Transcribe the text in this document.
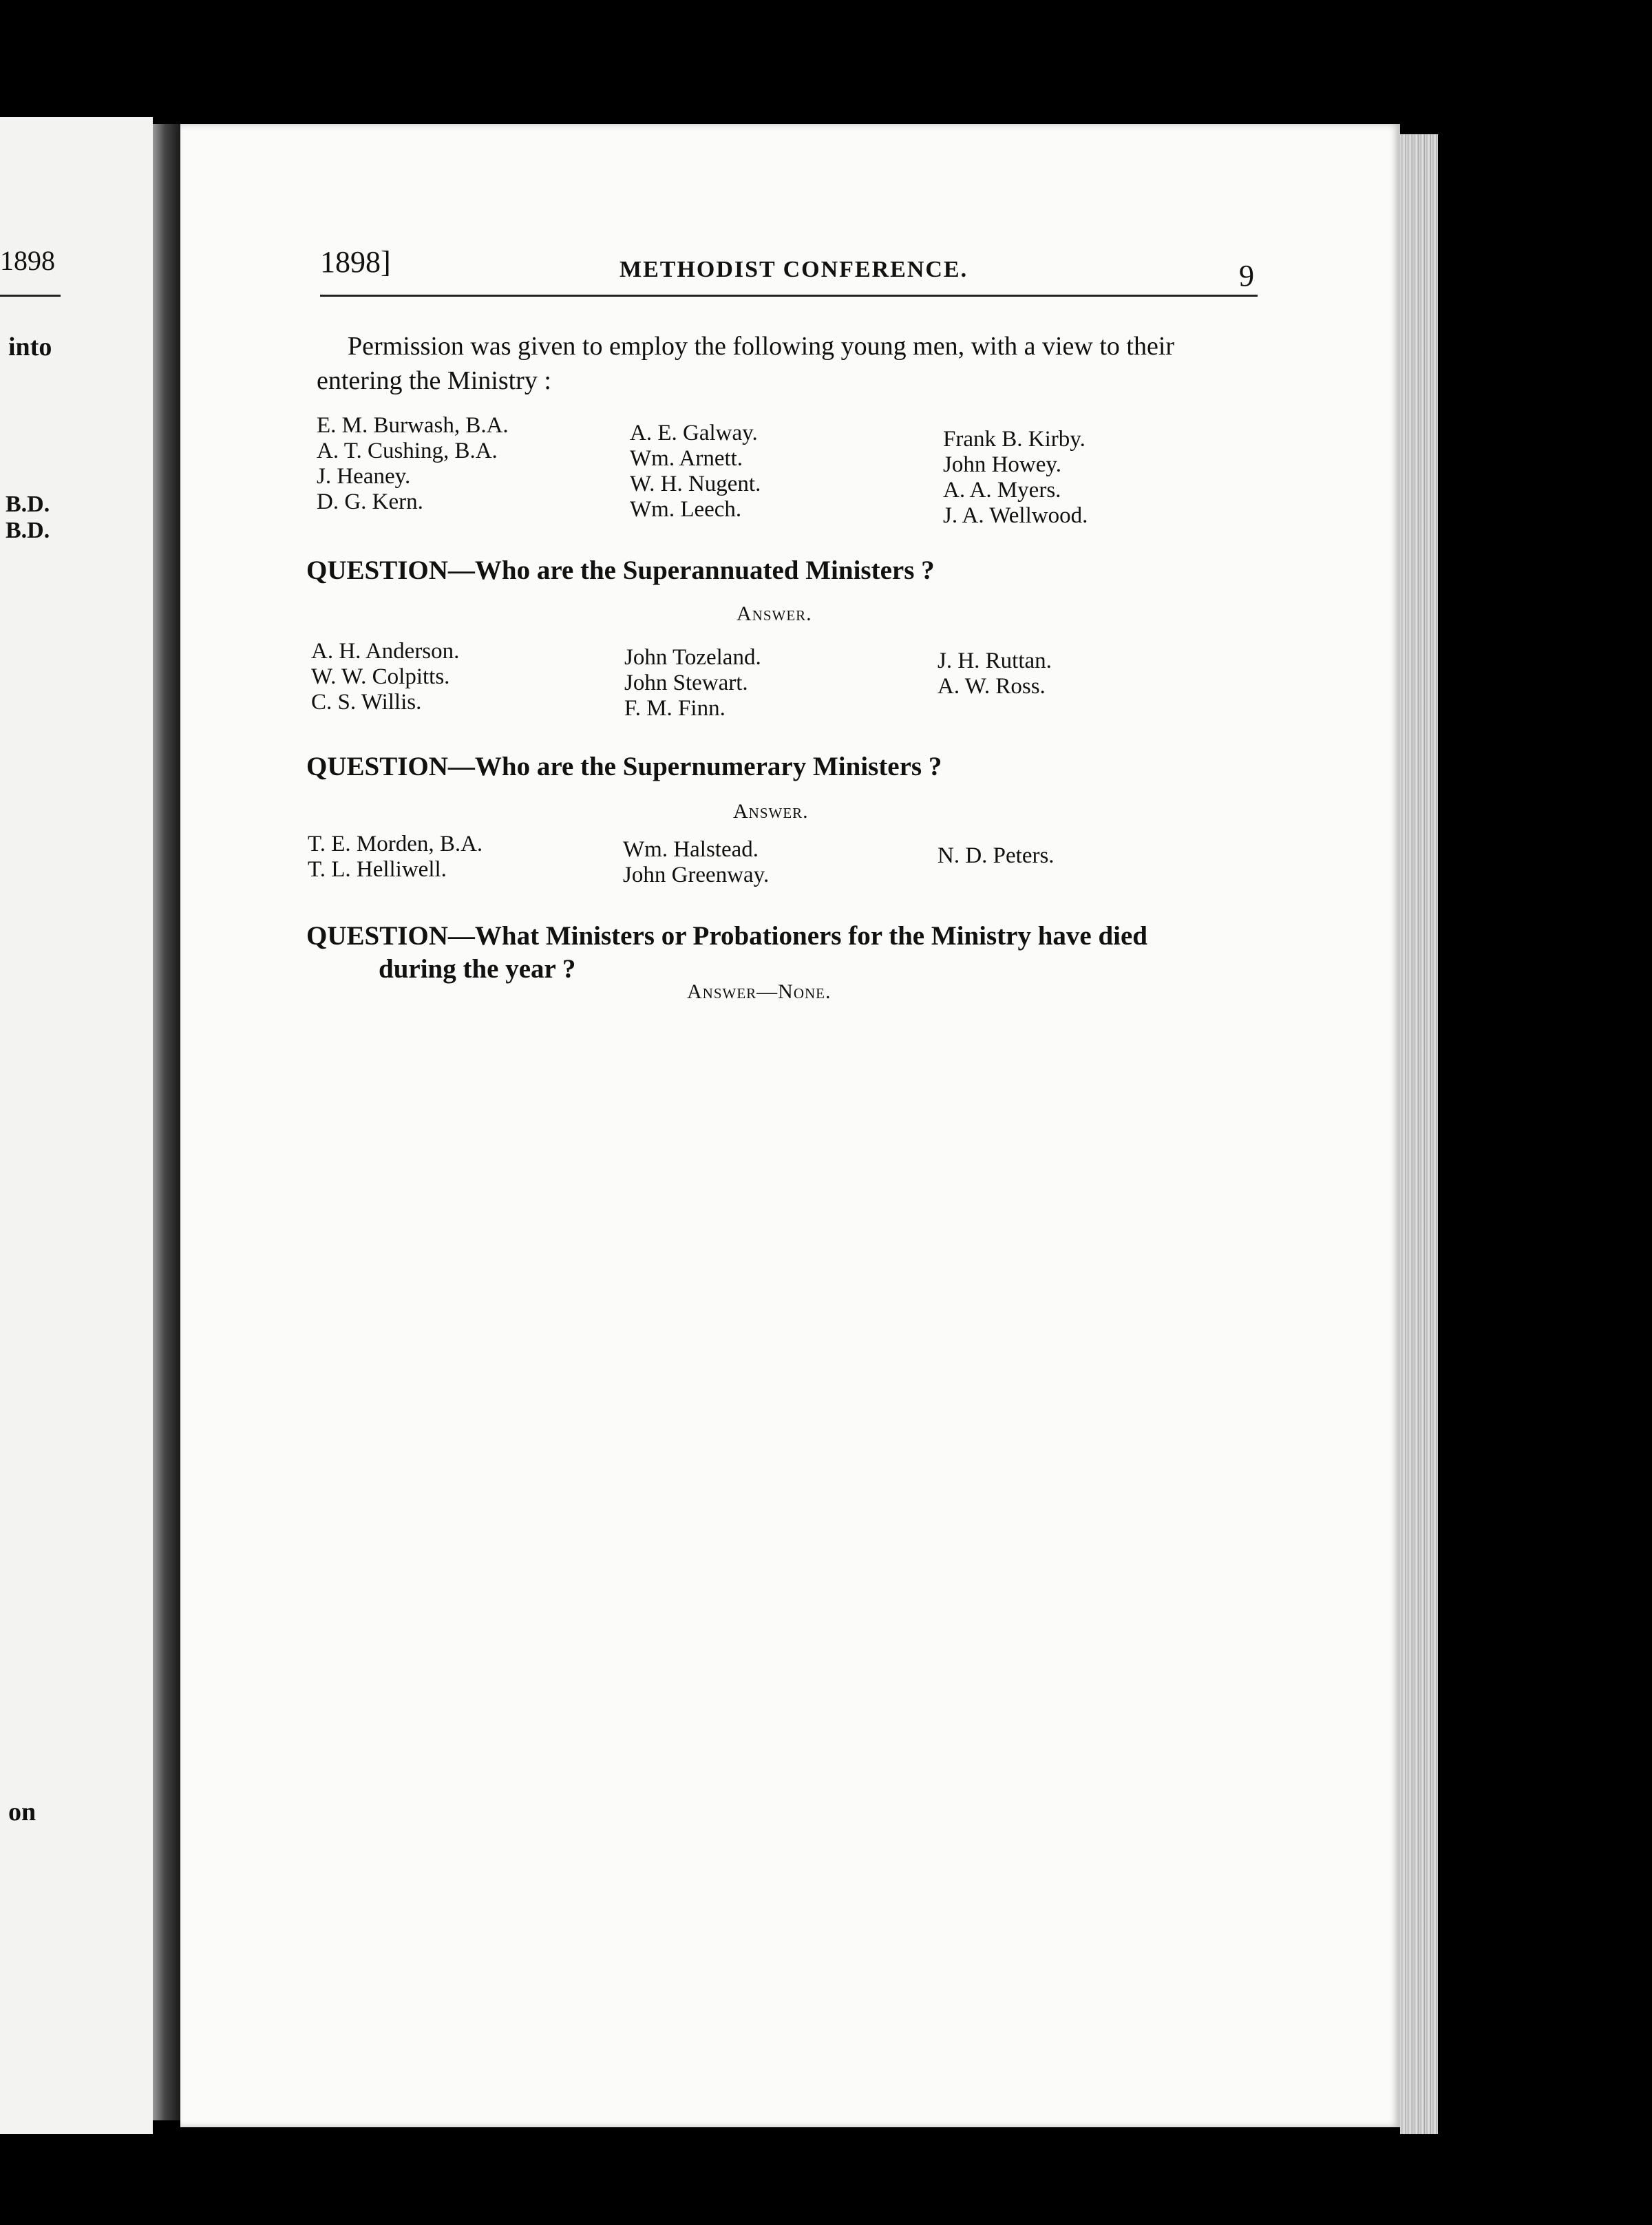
1898
into
B.D.
B.D.
on
1898]	METHODIST CONFERENCE.	9
Permission was given to employ the following young men, with a view to their entering the Ministry :
E. M. Burwash, B.A.
A. T. Cushing, B.A.
J. Heaney.
D. G. Kern.
A. E. Galway.
Wm. Arnett.
W. H. Nugent.
Wm. Leech.
Frank B. Kirby.
John Howey.
A. A. Myers.
J. A. Wellwood.
QUESTION—Who are the Superannuated Ministers ?
Answer.
A. H. Anderson.
W. W. Colpitts.
C. S. Willis.
John Tozeland.
John Stewart.
F. M. Finn.
J. H. Ruttan.
A. W. Ross.
QUESTION—Who are the Supernumerary Ministers ?
Answer.
T. E. Morden, B.A.
T. L. Helliwell.
Wm. Halstead.
John Greenway.
N. D. Peters.
QUESTION—What Ministers or Probationers for the Ministry have died
during the year ?
Answer—None.
